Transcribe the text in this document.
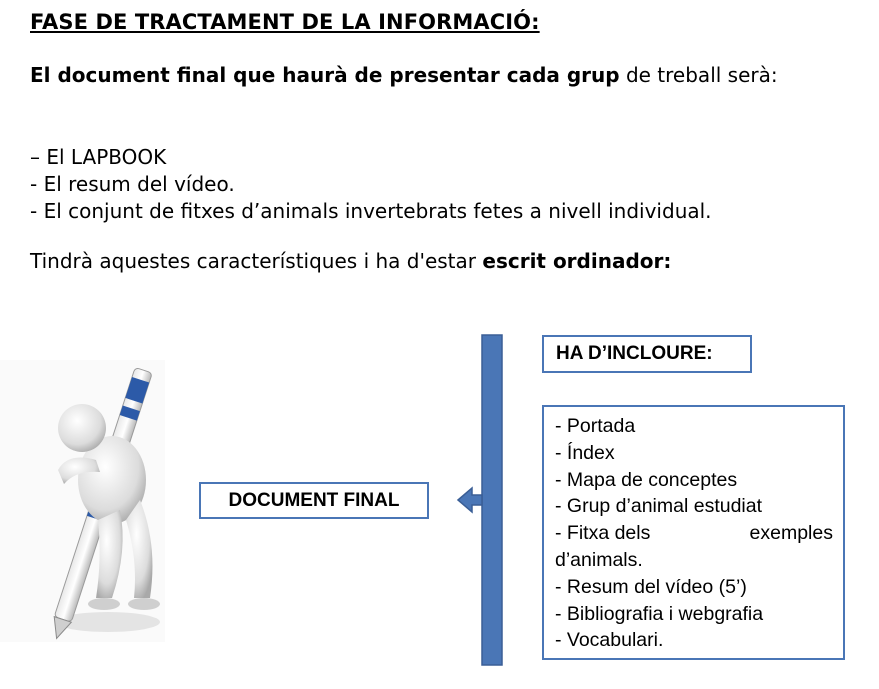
FASE DE TRACTAMENT DE LA INFORMACIÓ:
El document final que haurà de presentar cada grup de treball serà:
– El LAPBOOK
- El resum del vídeo.
- El conjunt de fitxes d’animals invertebrats fetes a nivell individual.
Tindrà aquestes característiques i ha d'estar escrit ordinador:
DOCUMENT FINAL
HA D’INCLOURE:
- Portada
- Índex
- Mapa de conceptes
- Grup d’animal estudiat
- Fitxa dels	exemples
d’animals.
- Resum del vídeo (5’)
- Bibliografia i webgrafia
- Vocabulari.
